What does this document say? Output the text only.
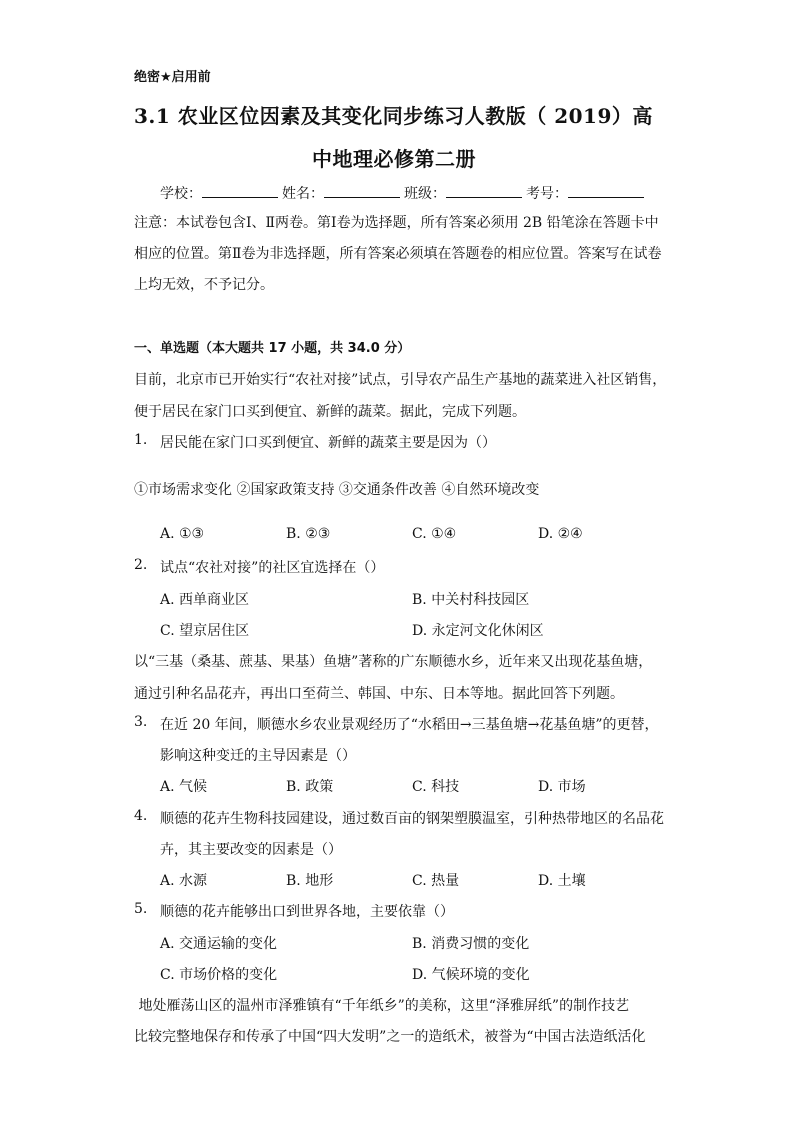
绝密★启用前
3.1 农业区位因素及其变化同步练习人教版（ 2019）高
中地理必修第二册
学校：	姓名：	班级：	考号：
注意：本试卷包含Ⅰ、Ⅱ两卷。第Ⅰ卷为选择题，所有答案必须用 2B 铅笔涂在答题卡中相应的位置。第Ⅱ卷为非选择题，所有答案必须填在答题卷的相应位置。答案写在试卷上均无效，不予记分。
一、单选题（本大题共 17 小题，共 34.0 分）
目前，北京市已开始实行“农社对接”试点，引导农产品生产基地的蔬菜进入社区销售，
便于居民在家门口买到便宜、新鲜的蔬菜。据此，完成下列题。
1. 居民能在家门口买到便宜、新鲜的蔬菜主要是因为（）
①市场需求变化 ②国家政策支持 ③交通条件改善 ④自然环境改变
A. ①③	B. ②③	C. ①④	D. ②④
2. 试点“农社对接”的社区宜选择在（）
A. 西单商业区	B. 中关村科技园区
C. 望京居住区	D. 永定河文化休闲区
以“三基（桑基、蔗基、果基）鱼塘”著称的广东顺德水乡，近年来又出现花基鱼塘，
通过引种名品花卉，再出口至荷兰、韩国、中东、日本等地。据此回答下列题。
3. 在近 20 年间，顺德水乡农业景观经历了“水稻田→三基鱼塘→花基鱼塘”的更替，
影响这种变迁的主导因素是（）
A. 气候	B. 政策	C. 科技	D. 市场
4. 顺德的花卉生物科技园建设，通过数百亩的钢架塑膜温室，引种热带地区的名品花
卉，其主要改变的因素是（）
A. 水源	B. 地形	C. 热量	D. 土壤
5. 顺德的花卉能够出口到世界各地，主要依靠（）
A. 交通运输的变化	B. 消费习惯的变化
C. 市场价格的变化	D. 气候环境的变化
地处雁荡山区的温州市泽雅镇有“千年纸乡”的美称，这里“泽雅屏纸”的制作技艺
比较完整地保存和传承了中国“四大发明”之一的造纸术，被誉为“中国古法造纸活化
